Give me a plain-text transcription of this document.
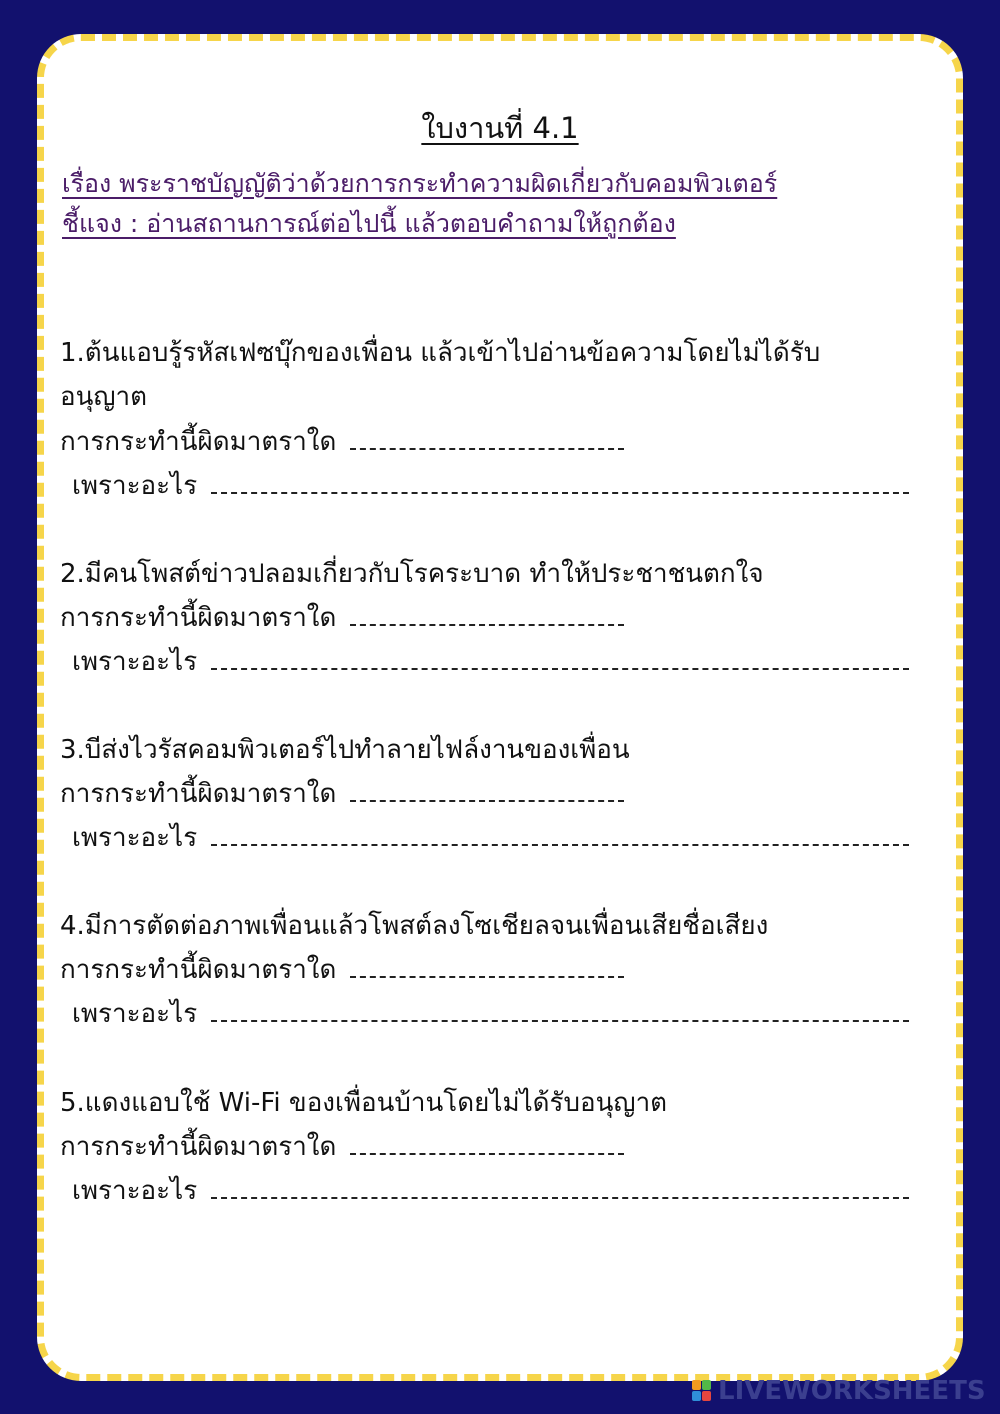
ใบงานที่ 4.1
เรื่อง พระราชบัญญัติว่าด้วยการกระทำความผิดเกี่ยวกับคอมพิวเตอร์
ชี้แจง : อ่านสถานการณ์ต่อไปนี้ แล้วตอบคำถามให้ถูกต้อง
1.ต้นแอบรู้รหัสเฟซบุ๊กของเพื่อน แล้วเข้าไปอ่านข้อความโดยไม่ได้รับ
อนุญาต
การกระทำนี้ผิดมาตราใด
เพราะอะไร
2.มีคนโพสต์ข่าวปลอมเกี่ยวกับโรคระบาด ทำให้ประชาชนตกใจ
การกระทำนี้ผิดมาตราใด
เพราะอะไร
3.บีส่งไวรัสคอมพิวเตอร์ไปทำลายไฟล์งานของเพื่อน
การกระทำนี้ผิดมาตราใด
เพราะอะไร
4.มีการตัดต่อภาพเพื่อนแล้วโพสต์ลงโซเชียลจนเพื่อนเสียชื่อเสียง
การกระทำนี้ผิดมาตราใด
เพราะอะไร
5.แดงแอบใช้ Wi-Fi ของเพื่อนบ้านโดยไม่ได้รับอนุญาต
การกระทำนี้ผิดมาตราใด
เพราะอะไร
LIVEWORKSHEETS
